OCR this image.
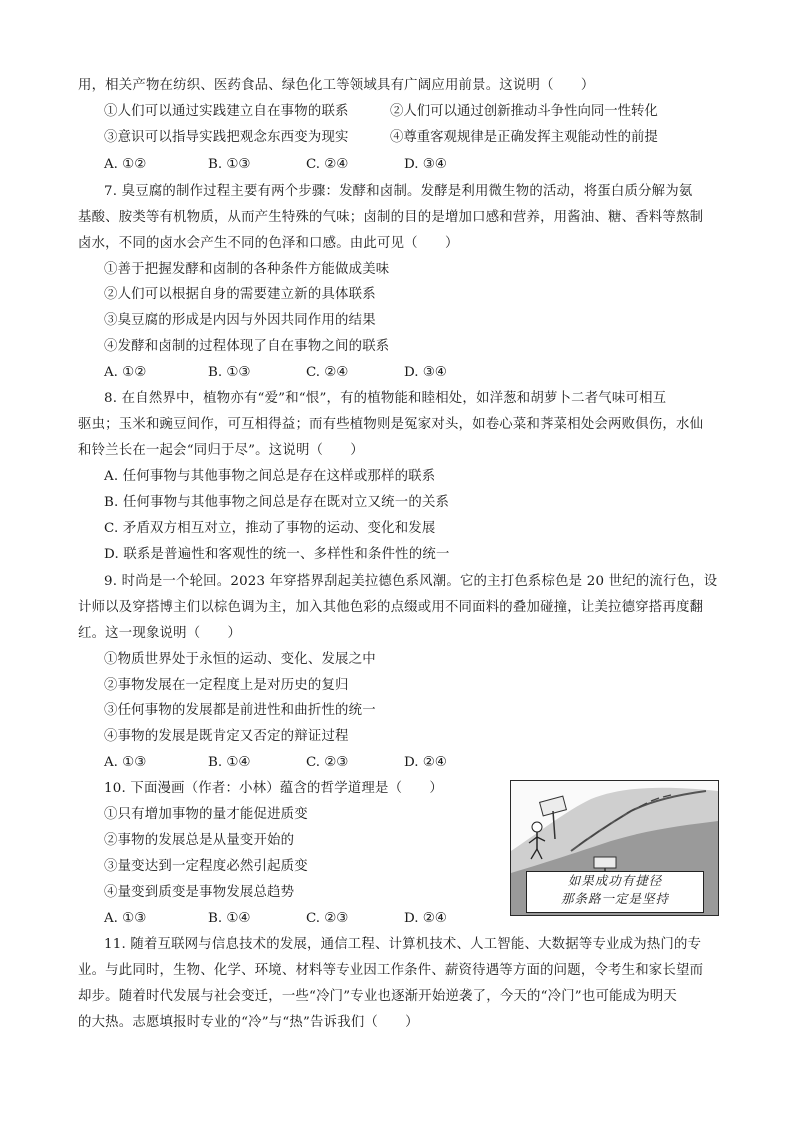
用，相关产物在纺织、医药食品、绿色化工等领域具有广阔应用前景。这说明（　　）
①人们可以通过实践建立自在事物的联系	②人们可以通过创新推动斗争性向同一性转化
③意识可以指导实践把观念东西变为现实	④尊重客观规律是正确发挥主观能动性的前提
A. ①②	B. ①③	C. ②④	D. ③④
7. 臭豆腐的制作过程主要有两个步骤：发酵和卤制。发酵是利用微生物的活动，将蛋白质分解为氨
基酸、胺类等有机物质，从而产生特殊的气味；卤制的目的是增加口感和营养，用酱油、糖、香料等熬制
卤水，不同的卤水会产生不同的色泽和口感。由此可见（　　）
①善于把握发酵和卤制的各种条件方能做成美味
②人们可以根据自身的需要建立新的具体联系
③臭豆腐的形成是内因与外因共同作用的结果
④发酵和卤制的过程体现了自在事物之间的联系
A. ①②	B. ①③	C. ②④	D. ③④
8. 在自然界中，植物亦有“爱”和“恨”，有的植物能和睦相处，如洋葱和胡萝卜二者气味可相互
驱虫；玉米和豌豆间作，可互相得益；而有些植物则是冤家对头，如卷心菜和荠菜相处会两败俱伤，水仙
和铃兰长在一起会“同归于尽”。这说明（　　）
A. 任何事物与其他事物之间总是存在这样或那样的联系
B. 任何事物与其他事物之间总是存在既对立又统一的关系
C. 矛盾双方相互对立，推动了事物的运动、变化和发展
D. 联系是普遍性和客观性的统一、多样性和条件性的统一
9. 时尚是一个轮回。2023 年穿搭界刮起美拉德色系风潮。它的主打色系棕色是 20 世纪的流行色，设
计师以及穿搭博主们以棕色调为主，加入其他色彩的点缀或用不同面料的叠加碰撞，让美拉德穿搭再度翻
红。这一现象说明（　　）
①物质世界处于永恒的运动、变化、发展之中
②事物发展在一定程度上是对历史的复归
③任何事物的发展都是前进性和曲折性的统一
④事物的发展是既肯定又否定的辩证过程
A. ①③	B. ①④	C. ②③	D. ②④
10. 下面漫画（作者：小林）蕴含的哲学道理是（　　）
①只有增加事物的量才能促进质变
②事物的发展总是从量变开始的
③量变达到一定程度必然引起质变
④量变到质变是事物发展总趋势
A. ①③	B. ①④	C. ②③	D. ②④
如果成功有捷径
那条路一定是坚持
11. 随着互联网与信息技术的发展，通信工程、计算机技术、人工智能、大数据等专业成为热门的专
业。与此同时，生物、化学、环境、材料等专业因工作条件、薪资待遇等方面的问题，令考生和家长望而
却步。随着时代发展与社会变迁，一些“冷门”专业也逐渐开始逆袭了，今天的“冷门”也可能成为明天
的大热。志愿填报时专业的“冷”与“热”告诉我们（　　）
